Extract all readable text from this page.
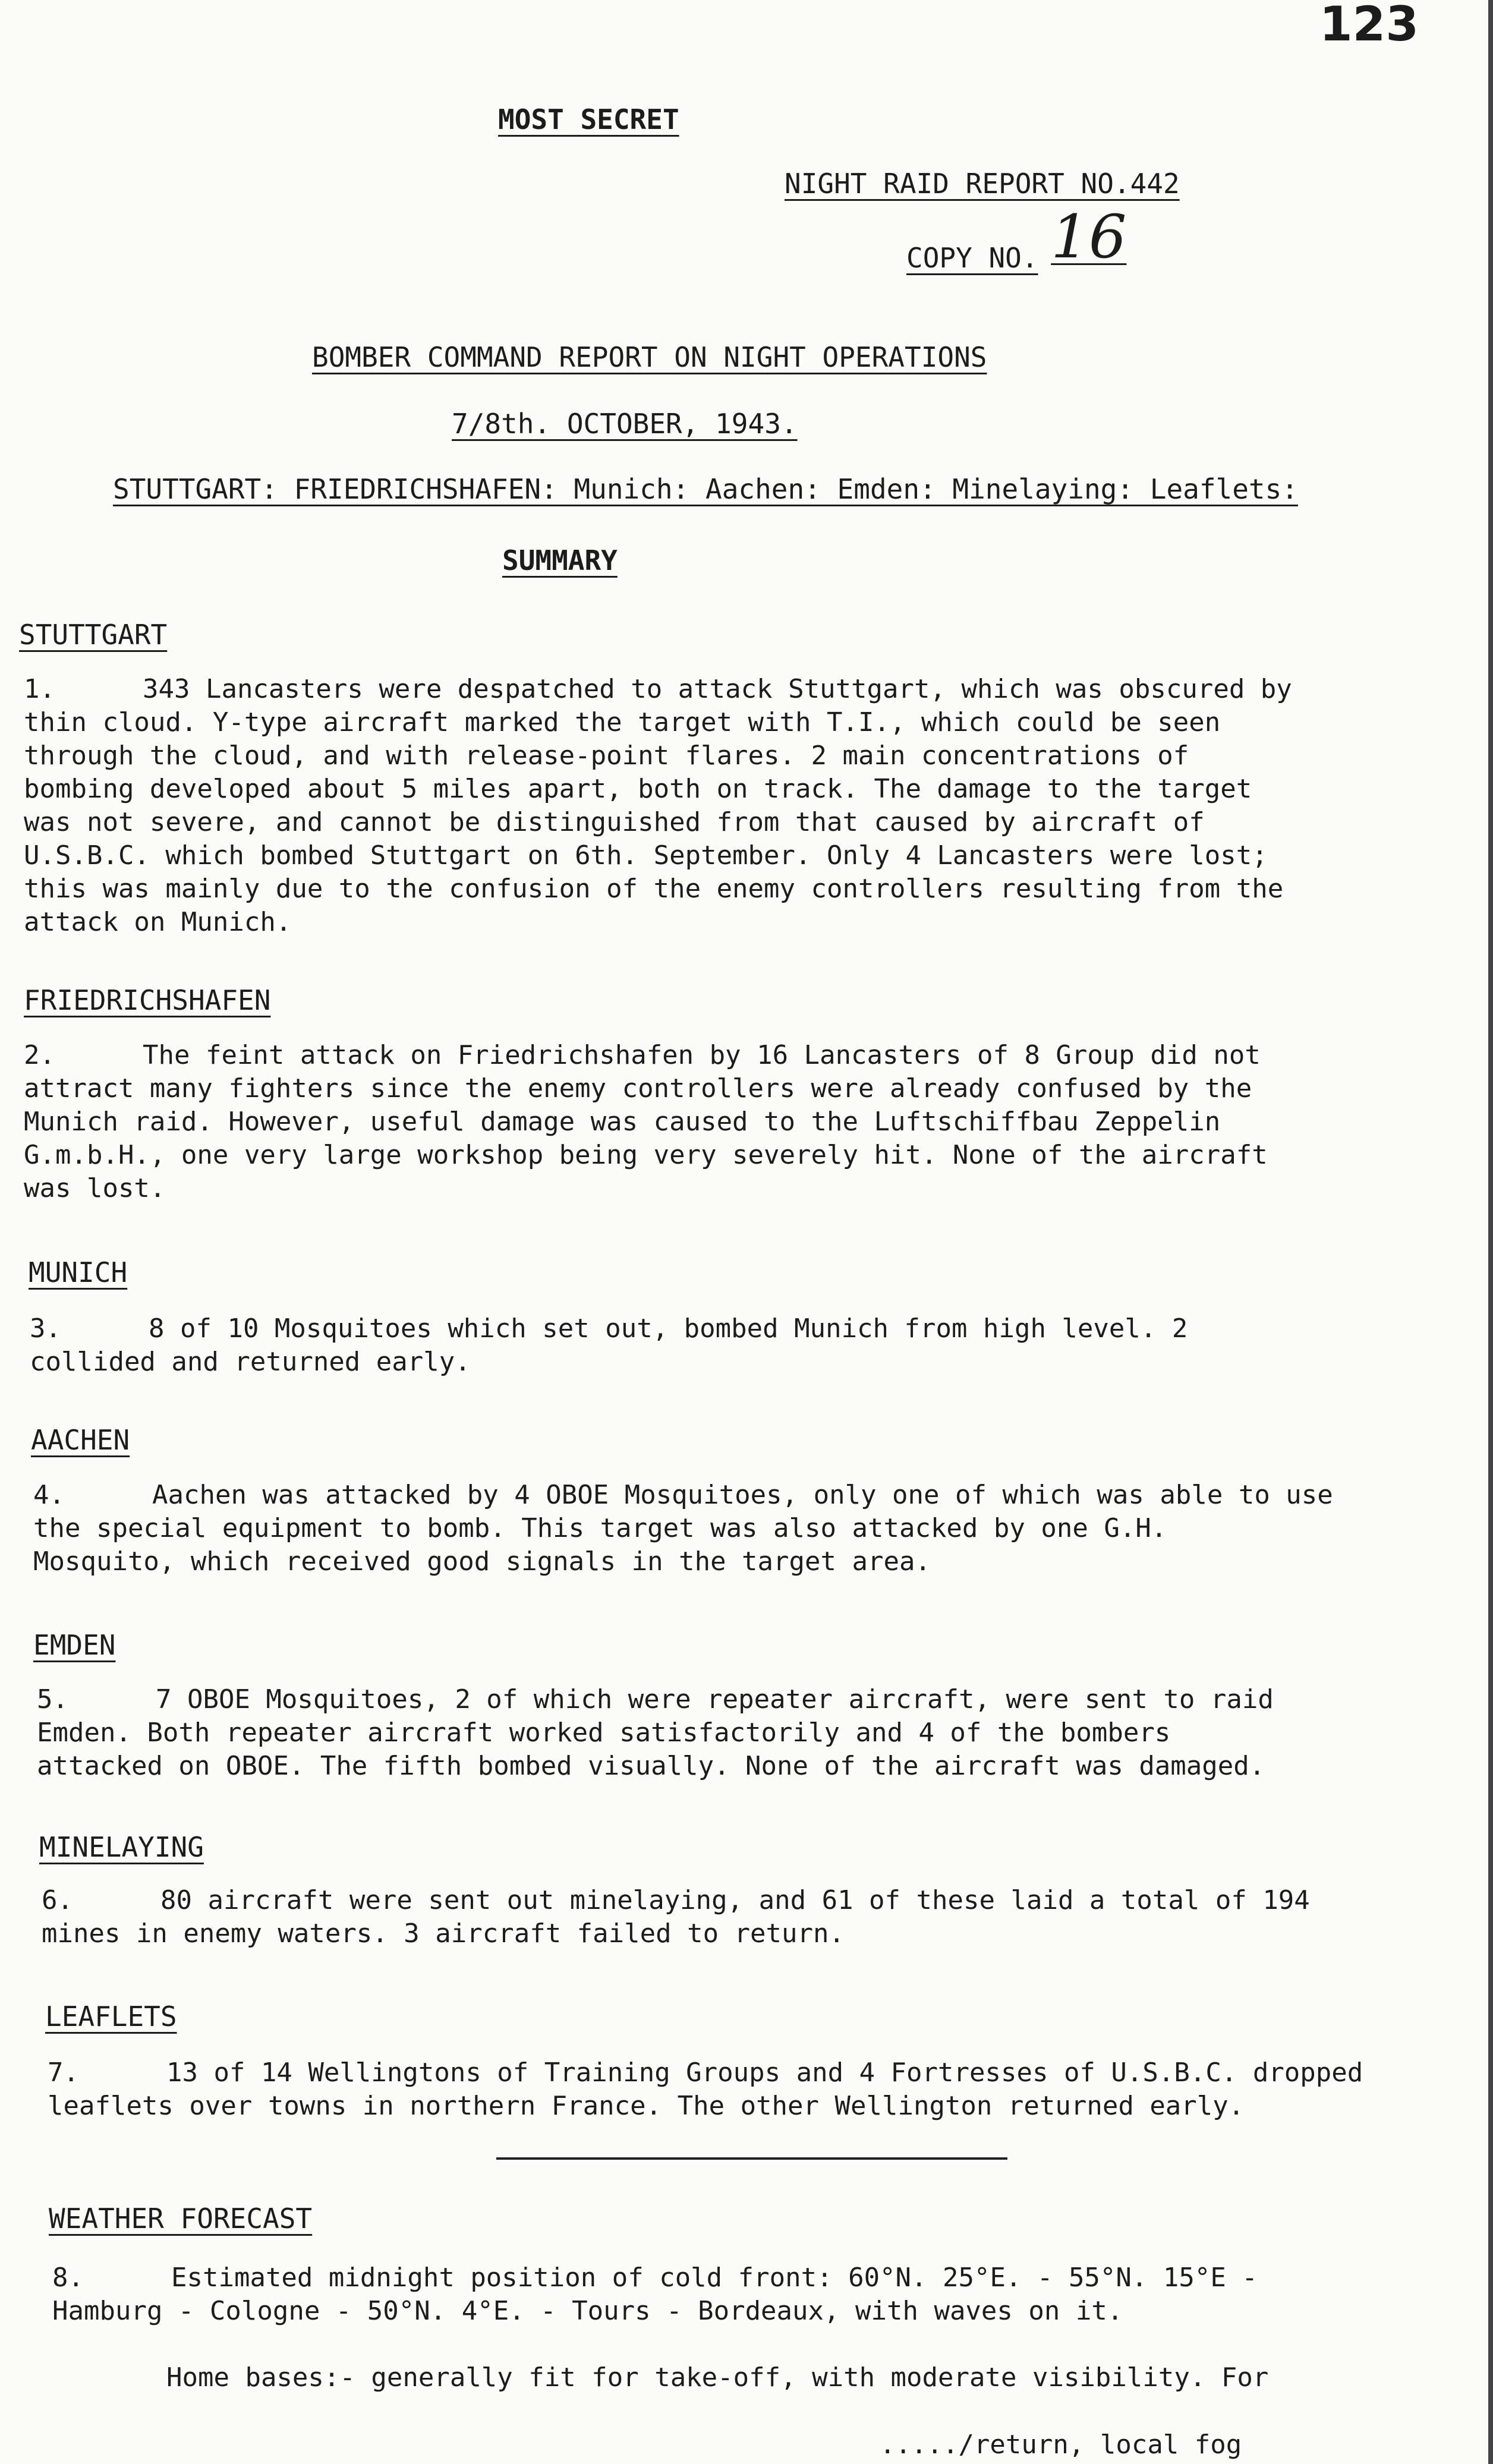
123
MOST SECRET
NIGHT RAID REPORT NO.442
COPY NO. 16
BOMBER COMMAND REPORT ON NIGHT OPERATIONS
7/8th. OCTOBER, 1943.
STUTTGART: FRIEDRICHSHAFEN: Munich: Aachen: Emden: Minelaying: Leaflets:
SUMMARY
STUTTGART
1.	343 Lancasters were despatched to attack Stuttgart, which was obscured by
thin cloud. Y-type aircraft marked the target with T.I., which could be seen
through the cloud, and with release-point flares. 2 main concentrations of
bombing developed about 5 miles apart, both on track. The damage to the target
was not severe, and cannot be distinguished from that caused by aircraft of
U.S.B.C. which bombed Stuttgart on 6th. September. Only 4 Lancasters were lost;
this was mainly due to the confusion of the enemy controllers resulting from the
attack on Munich.
FRIEDRICHSHAFEN
2.	The feint attack on Friedrichshafen by 16 Lancasters of 8 Group did not
attract many fighters since the enemy controllers were already confused by the
Munich raid. However, useful damage was caused to the Luftschiffbau Zeppelin
G.m.b.H., one very large workshop being very severely hit. None of the aircraft
was lost.
MUNICH
3.	8 of 10 Mosquitoes which set out, bombed Munich from high level. 2
collided and returned early.
AACHEN
4.	Aachen was attacked by 4 OBOE Mosquitoes, only one of which was able to use
the special equipment to bomb. This target was also attacked by one G.H.
Mosquito, which received good signals in the target area.
EMDEN
5.	7 OBOE Mosquitoes, 2 of which were repeater aircraft, were sent to raid
Emden. Both repeater aircraft worked satisfactorily and 4 of the bombers
attacked on OBOE. The fifth bombed visually. None of the aircraft was damaged.
MINELAYING
6.	80 aircraft were sent out minelaying, and 61 of these laid a total of 194
mines in enemy waters. 3 aircraft failed to return.
LEAFLETS
7.	13 of 14 Wellingtons of Training Groups and 4 Fortresses of U.S.B.C. dropped
leaflets over towns in northern France. The other Wellington returned early.
WEATHER FORECAST
8.	Estimated midnight position of cold front: 60°N. 25°E. - 55°N. 15°E -
Hamburg - Cologne - 50°N. 4°E. - Tours - Bordeaux, with waves on it.
Home bases:- generally fit for take-off, with moderate visibility. For
...../return, local fog
